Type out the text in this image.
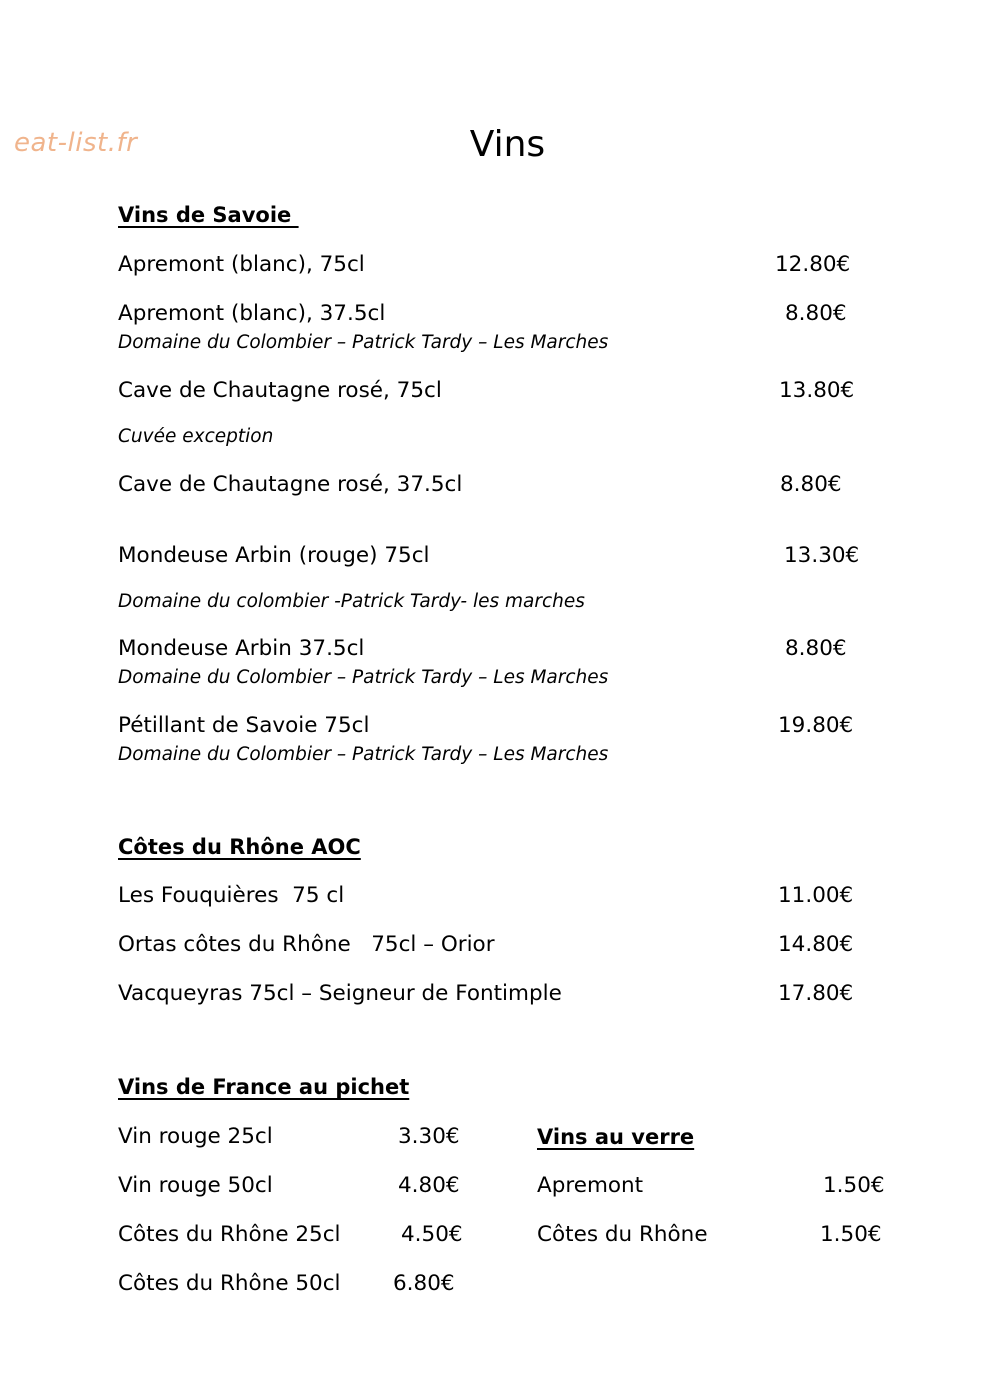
eat-list.fr	Vins
Vins de Savoie
Apremont (blanc), 75cl	12.80€
Apremont (blanc), 37.5cl	8.80€
Domaine du Colombier – Patrick Tardy – Les Marches
Cave de Chautagne rosé, 75cl	13.80€
Cuvée exception
Cave de Chautagne rosé, 37.5cl	8.80€
Mondeuse Arbin (rouge) 75cl	13.30€
Domaine du colombier -Patrick Tardy- les marches
Mondeuse Arbin 37.5cl	8.80€
Domaine du Colombier – Patrick Tardy – Les Marches
Pétillant de Savoie 75cl	19.80€
Domaine du Colombier – Patrick Tardy – Les Marches
Côtes du Rhône AOC
Les Fouquières  75 cl	11.00€
Ortas côtes du Rhône   75cl – Orior	14.80€
Vacqueyras 75cl – Seigneur de Fontimple	17.80€
Vins de France au pichet
Vin rouge 25cl	3.30€
Vin rouge 50cl	4.80€
Côtes du Rhône 25cl	4.50€
Côtes du Rhône 50cl 6.80€
Vins au verre
Apremont	1.50€
Côtes du Rhône	1.50€
